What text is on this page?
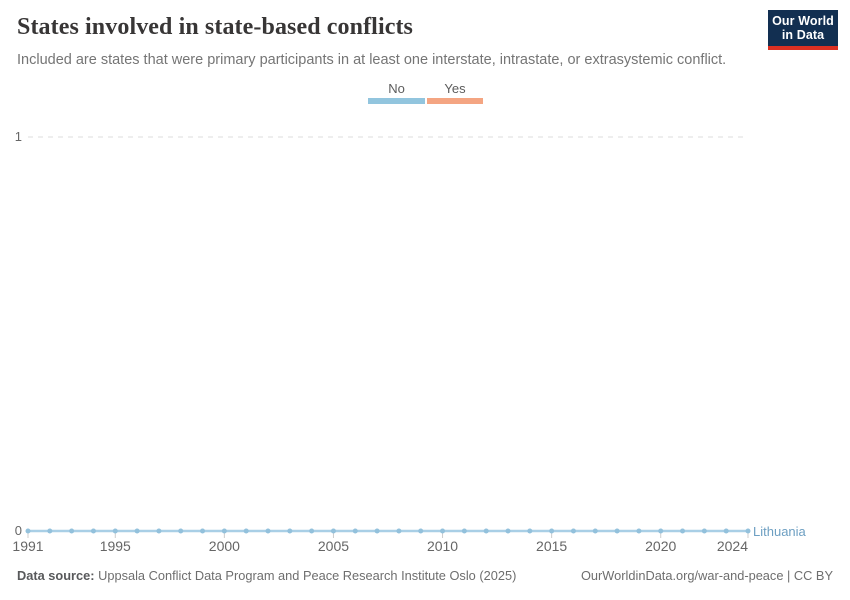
States involved in state-based conflicts

Included are states that were primary participants in at least one interstate, intrastate, or extrasystemic conflict.

Our World
in Data
No	Yes
1991	1995	2000	2005	2010	2015	2020	2024
0
1
Lithuania
Data source: Uppsala Conflict Data Program and Peace Research Institute Oslo (2025)	OurWorldinData.org/war-and-peace | CC BY
